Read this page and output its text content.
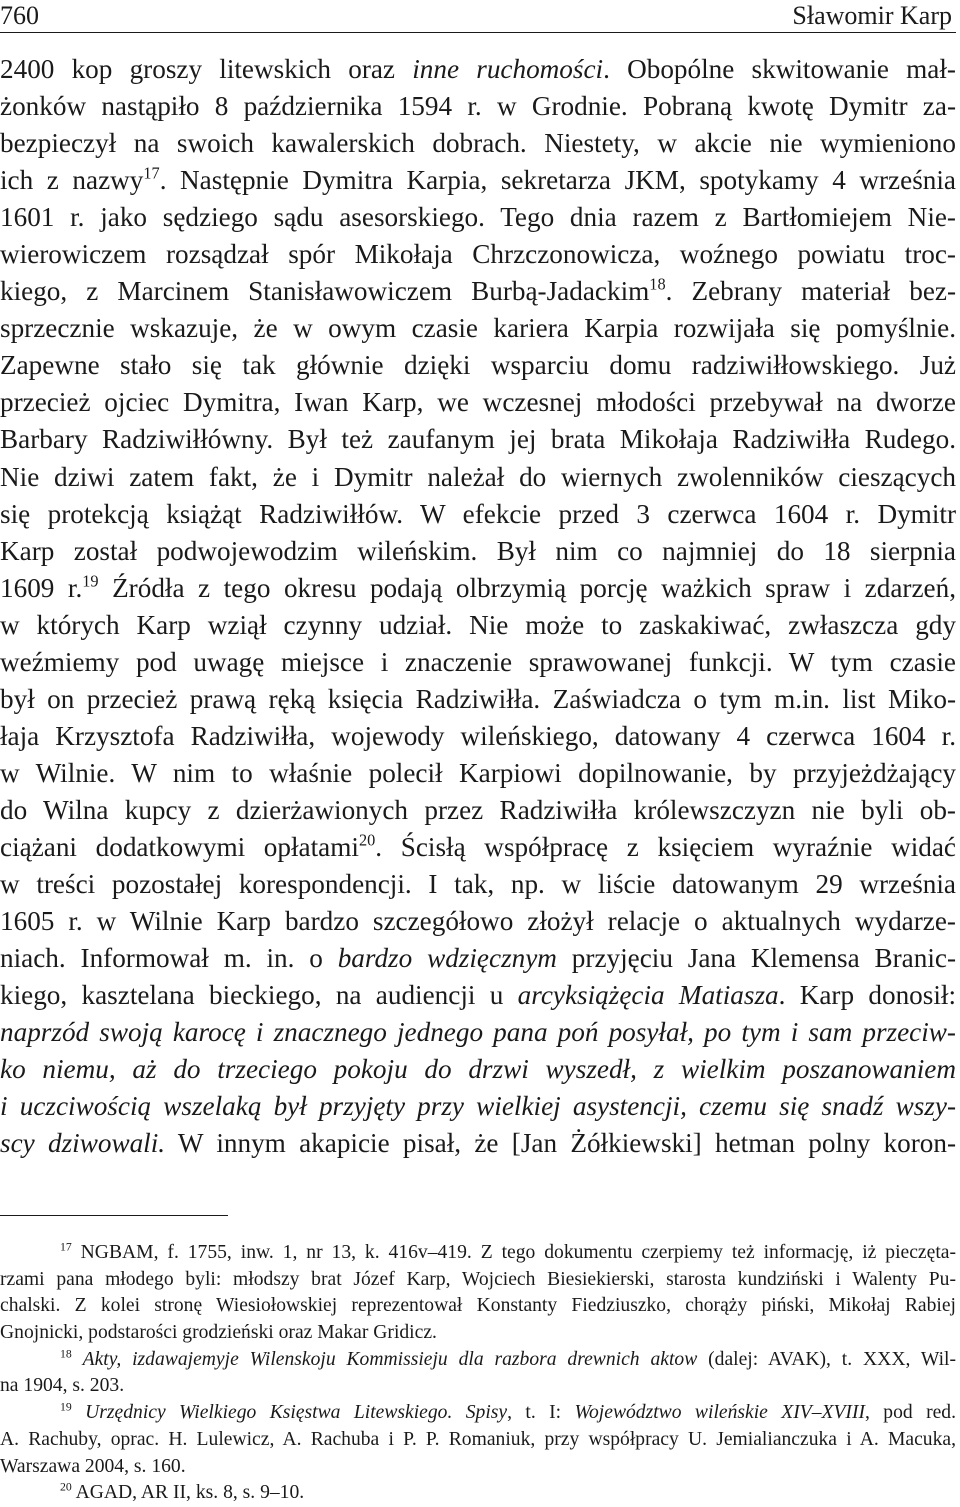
760	Sławomir Karp
2400 kop groszy litewskich oraz inne ruchomości. Obopólne skwitowanie mał-
żonków nastąpiło 8 października 1594 r. w Grodnie. Pobraną kwotę Dymitr za-
bezpieczył na swoich kawalerskich dobrach. Niestety, w akcie nie wymieniono
ich z nazwy$^{17}$. Następnie Dymitra Karpia, sekretarza JKM, spotykamy 4 września
1601 r. jako sędziego sądu asesorskiego. Tego dnia razem z Bartłomiejem Nie-
wierowiczem rozsądzał spór Mikołaja Chrzczonowicza, woźnego powiatu troc-
kiego, z Marcinem Stanisławowiczem Burbą-Jadackim$^{18}$. Zebrany materiał bez-
sprzecznie wskazuje, że w owym czasie kariera Karpia rozwijała się pomyślnie.
Zapewne stało się tak głównie dzięki wsparciu domu radziwiłłowskiego. Już
przecież ojciec Dymitra, Iwan Karp, we wczesnej młodości przebywał na dworze
Barbary Radziwiłłówny. Był też zaufanym jej brata Mikołaja Radziwiłła Rudego.
Nie dziwi zatem fakt, że i Dymitr należał do wiernych zwolenników cieszących
się protekcją książąt Radziwiłłów. W efekcie przed 3 czerwca 1604 r. Dymitr
Karp został podwojewodzim wileńskim. Był nim co najmniej do 18 sierpnia
1609 r.$^{19}$ Źródła z tego okresu podają olbrzymią porcję ważkich spraw i zdarzeń,
w których Karp wziął czynny udział. Nie może to zaskakiwać, zwłaszcza gdy
weźmiemy pod uwagę miejsce i znaczenie sprawowanej funkcji. W tym czasie
był on przecież prawą ręką księcia Radziwiłła. Zaświadcza o tym m.in. list Miko-
łaja Krzysztofa Radziwiłła, wojewody wileńskiego, datowany 4 czerwca 1604 r.
w Wilnie. W nim to właśnie polecił Karpiowi dopilnowanie, by przyjeżdżający
do Wilna kupcy z dzierżawionych przez Radziwiłła królewszczyzn nie byli ob-
ciążani dodatkowymi opłatami$^{20}$. Ścisłą współpracę z księciem wyraźnie widać
w treści pozostałej korespondencji. I tak, np. w liście datowanym 29 września
1605 r. w Wilnie Karp bardzo szczegółowo złożył relacje o aktualnych wydarze-
niach. Informował m. in. o bardzo wdzięcznym przyjęciu Jana Klemensa Branic-
kiego, kasztelana bieckiego, na audiencji u arcyksiążęcia Matiasza. Karp donosił:
naprzód swoją karocę i znacznego jednego pana poń posyłał, po tym i sam przeciw-
ko niemu, aż do trzeciego pokoju do drzwi wyszedł, z wielkim poszanowaniem
i uczciwością wszelaką był przyjęty przy wielkiej asystencji, czemu się snadź wszy-
scy dziwowali. W innym akapicie pisał, że [Jan Żółkiewski] hetman polny koron-
$^{17}$ NGBAM, f. 1755, inw. 1, nr 13, k. 416v–419. Z tego dokumentu czerpiemy też informację, iż pieczęta-
rzami pana młodego byli: młodszy brat Józef Karp, Wojciech Biesiekierski, starosta kundziński i Walenty Pu-
chalski. Z kolei stronę Wiesiołowskiej reprezentował Konstanty Fiedziuszko, chorąży piński, Mikołaj Rabiej
Gnojnicki, podstarości grodzieński oraz Makar Gridicz.
$^{18}$ Akty, izdawajemyje Wilenskoju Kommissieju dla razbora drewnich aktow (dalej: AVAK), t. XXX, Wil-
na 1904, s. 203.
$^{19}$ Urzędnicy Wielkiego Księstwa Litewskiego. Spisy, t. I: Województwo wileńskie XIV–XVIII, pod red.
A. Rachuby, oprac. H. Lulewicz, A. Rachuba i P. P. Romaniuk, przy współpracy U. Jemialianczuka i A. Macuka,
Warszawa 2004, s. 160.
$^{20}$ AGAD, AR II, ks. 8, s. 9–10.
